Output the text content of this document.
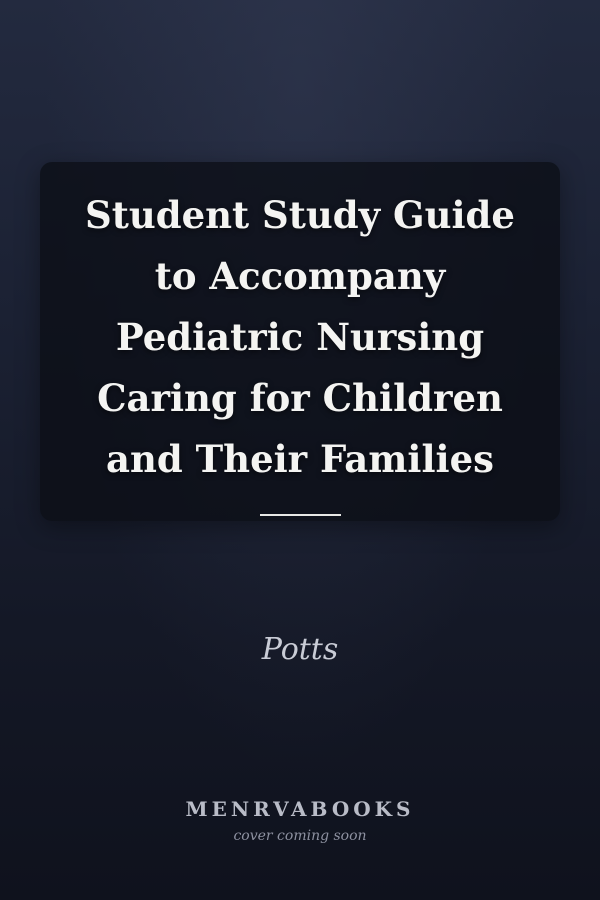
Student Study Guide
to Accompany
Pediatric Nursing
Caring for Children
and Their Families
Potts
MENRVABOOKS
cover coming soon
